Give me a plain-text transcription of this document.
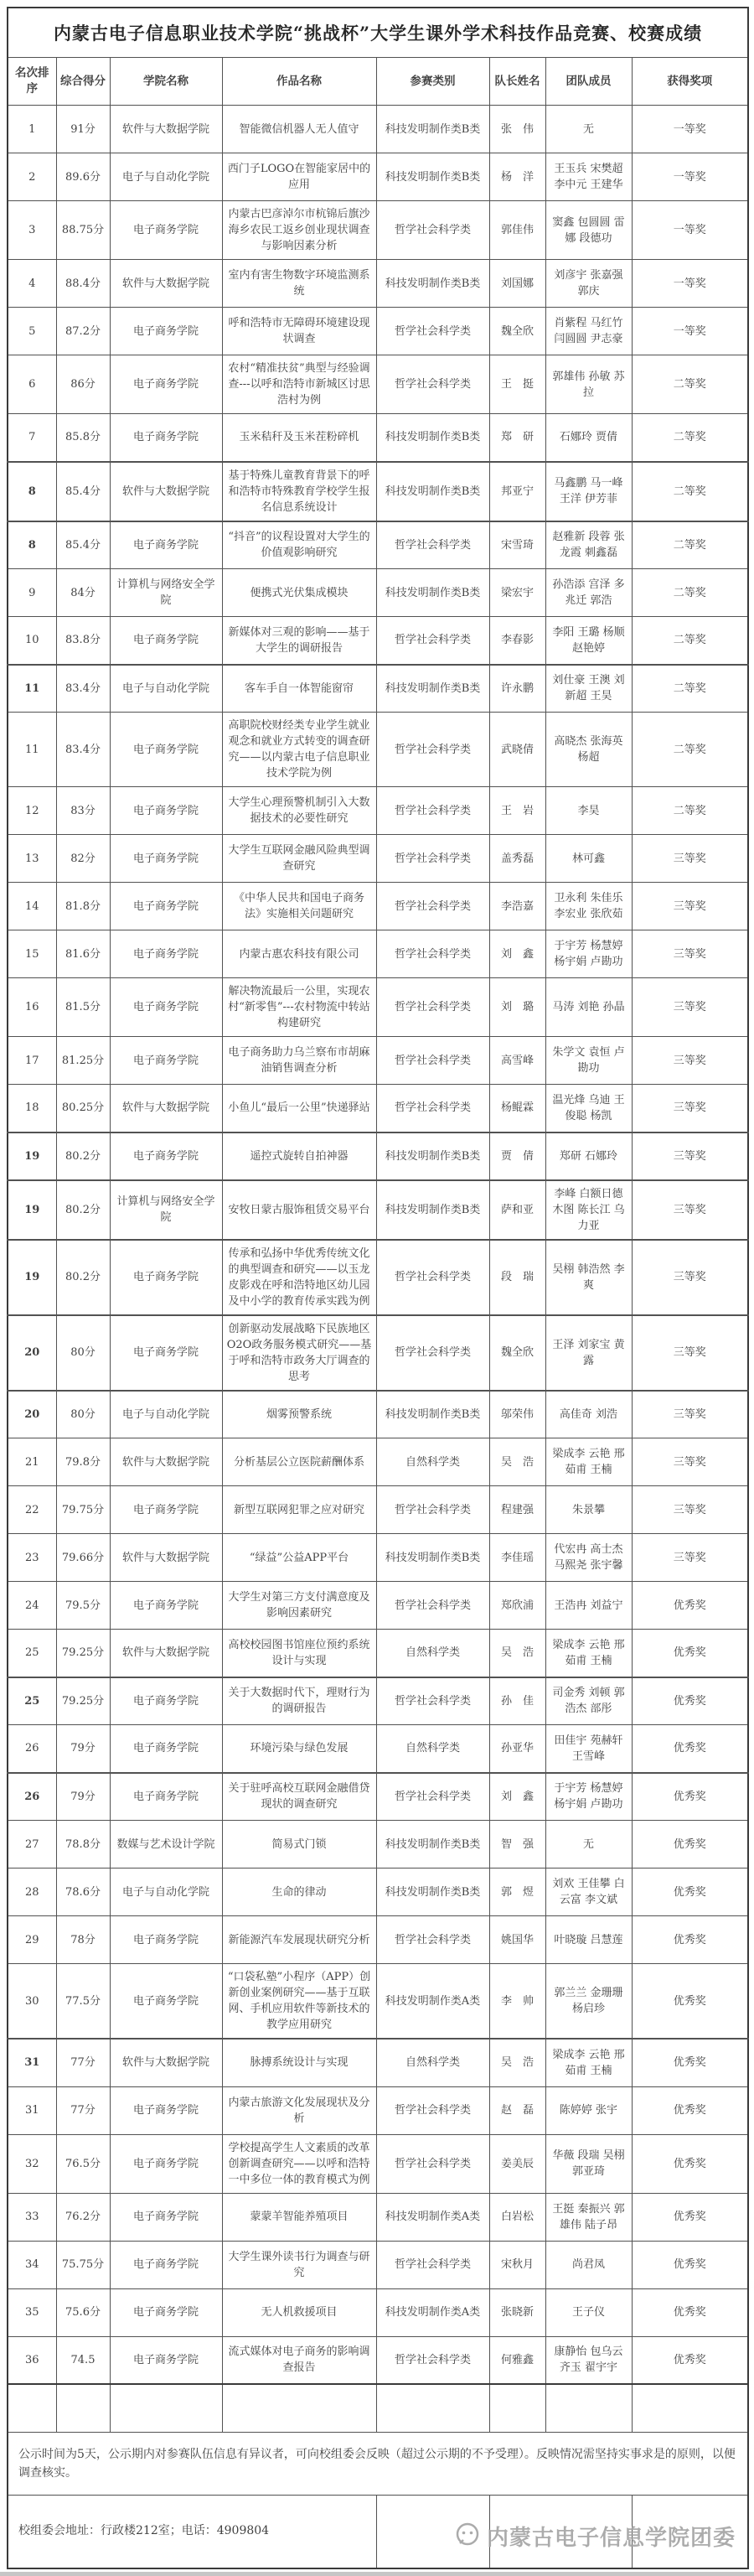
内蒙古电子信息职业技术学院“挑战杯”大学生课外学术科技作品竞赛、校赛成绩							
名次排序	综合得分	学院名称	作品名称	参赛类别	队长姓名	团队成员	获得奖项
1	91分	软件与大数据学院	智能微信机器人无人值守	科技发明制作类B类	张　伟	无	一等奖
2	89.6分	电子与自动化学院	西门子LOGO在智能家居中的应用	科技发明制作类B类	杨　洋	王玉兵 宋樊超 李中元 王建华	一等奖
3	88.75分	电子商务学院	内蒙古巴彦淖尔市杭锦后旗沙海乡农民工返乡创业现状调查与影响因素分析	哲学社会科学类	郭佳伟	窦鑫 包圆圆 雷娜 段德功	一等奖
4	88.4分	软件与大数据学院	室内有害生物数字环境监测系统	科技发明制作类B类	刘国娜	刘彦宇 张嘉强 郭庆	一等奖
5	87.2分	电子商务学院	呼和浩特市无障碍环境建设现状调查	哲学社会科学类	魏全欣	肖紫程 马红竹 闫圆圆 尹志豪	一等奖
6	86分	电子商务学院	农村“精准扶贫”典型与经验调查---以呼和浩特市新城区讨思浩村为例	哲学社会科学类	王　挺	郭雄伟 孙敏 苏拉	二等奖
7	85.8分	电子商务学院	玉米秸秆及玉米茬粉碎机	科技发明制作类B类	郑　研	石娜玲 贾倩	二等奖
8	85.4分	软件与大数据学院	基于特殊儿童教育背景下的呼和浩特市特殊教育学校学生报名信息系统设计	科技发明制作类B类	邦亚宁	马鑫鹏 马一峰 王洋 伊芳菲	二等奖
8	85.4分	电子商务学院	“抖音”的议程设置对大学生的价值观影响研究	哲学社会科学类	宋雪琦	赵雅新 段蓉 张龙霞 刺鑫磊	二等奖
9	84分	计算机与网络安全学院	便携式光伏集成模块	科技发明制作类B类	梁宏宇	孙浩添 宫泽 多兆迁 郭浩	二等奖
10	83.8分	电子商务学院	新媒体对三观的影响——基于大学生的调研报告	哲学社会科学类	李春影	李阳 王璐 杨顺 赵艳婷	二等奖
11	83.4分	电子与自动化学院	客车手自一体智能窗帘	科技发明制作类B类	许永鹏	刘仕豪 王澳 刘新超 王昊	二等奖
11	83.4分	电子商务学院	高职院校财经类专业学生就业观念和就业方式转变的调查研究——以内蒙古电子信息职业技术学院为例	哲学社会科学类	武晓倩	高晓杰 张海英 杨超	二等奖
12	83分	电子商务学院	大学生心理预警机制引入大数据技术的必要性研究	哲学社会科学类	王　岩	李昊	二等奖
13	82分	电子商务学院	大学生互联网金融风险典型调查研究	哲学社会科学类	盖秀磊	林可鑫	三等奖
14	81.8分	电子商务学院	《中华人民共和国电子商务法》实施相关问题研究	哲学社会科学类	李浩嘉	卫永利 朱佳乐 李宏业 张欣茹	三等奖
15	81.6分	电子商务学院	内蒙古惠农科技有限公司	哲学社会科学类	刘　鑫	于宇芳 杨慧婷 杨宇娟 卢勘功	三等奖
16	81.5分	电子商务学院	解决物流最后一公里，实现农村“新零售”---农村物流中转站构建研究	哲学社会科学类	刘　璐	马涛 刘艳 孙晶	三等奖
17	81.25分	电子商务学院	电子商务助力乌兰察布市胡麻油销售调查分析	哲学社会科学类	高雪峰	朱学文 袁恒 卢勘功	三等奖
18	80.25分	软件与大数据学院	小鱼儿“最后一公里”快递驿站	哲学社会科学类	杨鲲霖	温光烽 乌迪 王俊聪 杨凯	三等奖
19	80.2分	电子商务学院	遥控式旋转自拍神器	科技发明制作类B类	贾　倩	郑研 石娜玲	三等奖
19	80.2分	计算机与网络安全学院	安牧日蒙古服饰租赁交易平台	科技发明制作类B类	萨和亚	李峰 白额日德木图 陈长江 乌力亚	三等奖
19	80.2分	电子商务学院	传承和弘扬中华优秀传统文化的典型调查和研究——以玉龙皮影戏在呼和浩特地区幼儿园及中小学的教育传承实践为例	哲学社会科学类	段　瑞	吴栩 韩浩然 李爽	三等奖
20	80分	电子商务学院	创新驱动发展战略下民族地区O2O政务服务模式研究——基于呼和浩特市政务大厅调查的思考	哲学社会科学类	魏全欣	王泽 刘家宝 黄露	三等奖
20	80分	电子与自动化学院	烟雾预警系统	科技发明制作类B类	邬荣伟	高佳奇 刘浩	三等奖
21	79.8分	软件与大数据学院	分析基层公立医院薪酬体系	自然科学类	吴　浩	梁成李 云艳 邢茹甫 王楠	三等奖
22	79.75分	电子商务学院	新型互联网犯罪之应对研究	哲学社会科学类	程建强	朱景攀	三等奖
23	79.66分	软件与大数据学院	“绿益”公益APP平台	科技发明制作类B类	李佳瑶	代宏冉 高士杰 马熙尧 张宇馨	三等奖
24	79.5分	电子商务学院	大学生对第三方支付满意度及影响因素研究	哲学社会科学类	郑欣浦	王浩冉 刘益宁	优秀奖
25	79.25分	软件与大数据学院	高校校园图书馆座位预约系统设计与实现	自然科学类	吴　浩	梁成李 云艳 邢茹甫 王楠	优秀奖
25	79.25分	电子商务学院	关于大数据时代下，理财行为的调研报告	哲学社会科学类	孙　佳	司金秀 刘顿 郭浩杰 部彤	优秀奖
26	79分	电子商务学院	环境污染与绿色发展	自然科学类	孙亚华	田佳宇 苑赫轩 王雪峰	优秀奖
26	79分	电子商务学院	关于驻呼高校互联网金融借贷现状的调查研究	哲学社会科学类	刘　鑫	于宇芳 杨慧婷 杨宇娟 卢勘功	优秀奖
27	78.8分	数媒与艺术设计学院	简易式门锁	科技发明制作类B类	智　强	无	优秀奖
28	78.6分	电子与自动化学院	生命的律动	科技发明制作类B类	郭　煜	刘欢 王佳攀 白云富 李文斌	优秀奖
29	78分	电子商务学院	新能源汽车发展现状研究分析	哲学社会科学类	姚国华	叶晓璇 吕慧莲	优秀奖
30	77.5分	电子商务学院	“口袋私塾”小程序（APP）创新创业案例研究——基于互联网、手机应用软件等新技术的教学应用研究	科技发明制作类A类	李　帅	郭兰兰 金珊珊 杨启珍	优秀奖
31	77分	软件与大数据学院	脉搏系统设计与实现	自然科学类	吴　浩	梁成李 云艳 邢茹甫 王楠	优秀奖
31	77分	电子商务学院	内蒙古旅游文化发展现状及分析	哲学社会科学类	赵　磊	陈婷婷 张宇	优秀奖
32	76.5分	电子商务学院	学校提高学生人文素质的改革创新调查研究——以呼和浩特一中多位一体的教育模式为例	哲学社会科学类	姜美辰	华薇 段瑞 吴栩 郭亚琦	优秀奖
33	76.2分	电子商务学院	蒙蒙羊智能养殖项目	科技发明制作类A类	白岩松	王挺 秦振兴 郭雄伟 陆子昂	优秀奖
34	75.75分	电子商务学院	大学生课外读书行为调查与研究	哲学社会科学类	宋秋月	尚君凤	优秀奖
35	75.6分	电子商务学院	无人机救援项目	科技发明制作类A类	张晓新	王子仪	优秀奖
36	74.5	电子商务学院	流式媒体对电子商务的影响调查报告	哲学社会科学类	何雅鑫	康静怡 包乌云 齐玉 翟宇宇	优秀奖

公示时间为5天，公示期内对参赛队伍信息有异议者，可向校组委会反映（超过公示期的不予受理）。反映情况需坚持实事求是的原则，以便调查核实。							
校组委会地址：行政楼212室；电话：4909804								内蒙古电子信息学院团委
